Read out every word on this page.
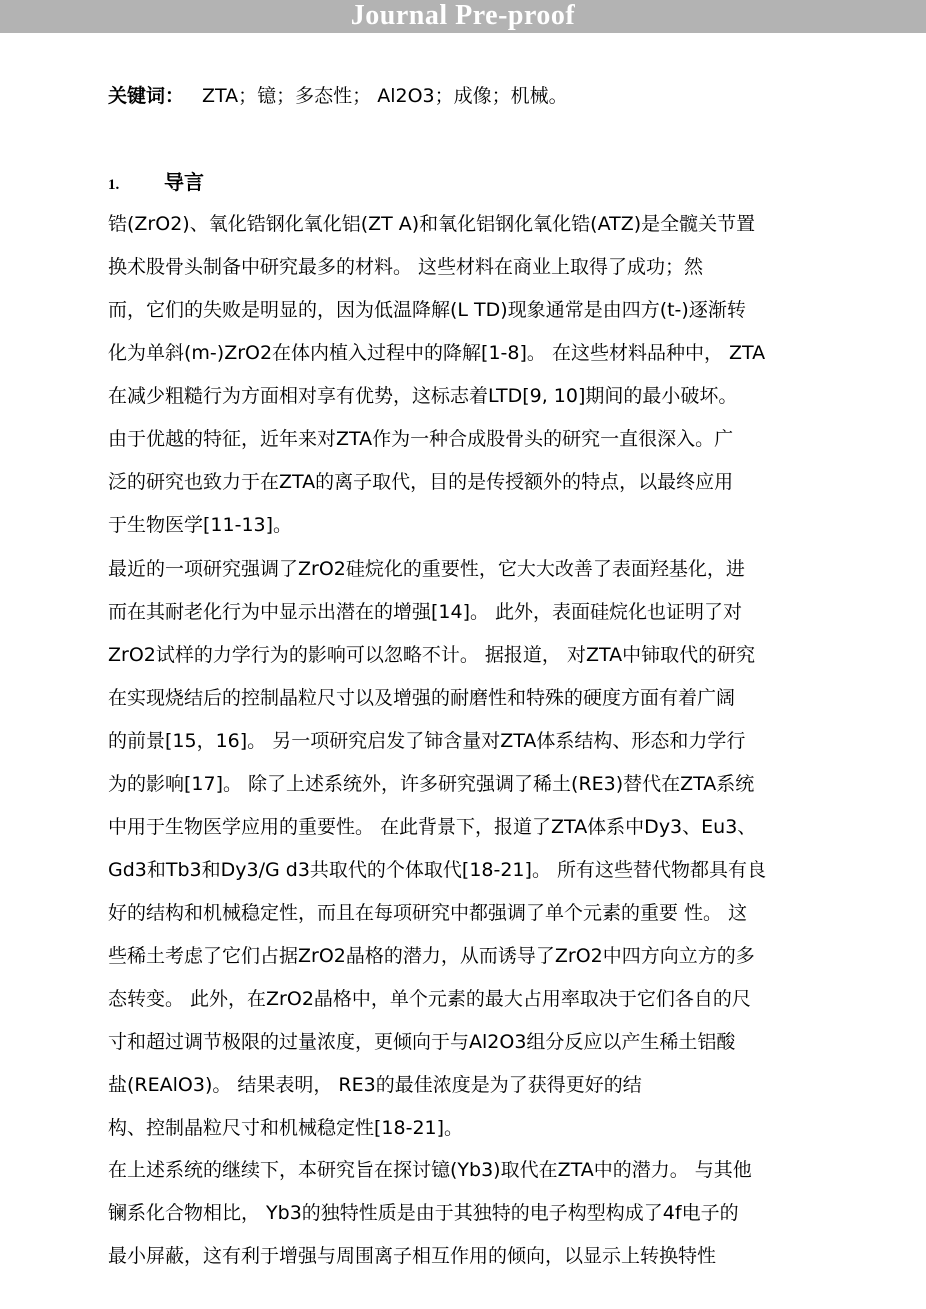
Journal Pre-proof
关键词： ZTA；镱；多态性； Al2O3；成像；机械。
1. 导言
锆(ZrO2)、氧化锆钢化氧化铝(ZT A)和氧化铝钢化氧化锆(ATZ)是全髋关节置
换术股骨头制备中研究最多的材料。 这些材料在商业上取得了成功；然
而，它们的失败是明显的，因为低温降解(L TD)现象通常是由四方(t-)逐渐转
化为单斜(m-)ZrO2在体内植入过程中的降解[1-8]。 在这些材料品种中， ZTA
在减少粗糙行为方面相对享有优势，这标志着LTD[9, 10]期间的最小破坏。
由于优越的特征，近年来对ZTA作为一种合成股骨头的研究一直很深入。广
泛的研究也致力于在ZTA的离子取代，目的是传授额外的特点，以最终应用
于生物医学[11-13]。
最近的一项研究强调了ZrO2硅烷化的重要性，它大大改善了表面羟基化，进
而在其耐老化行为中显示出潜在的增强[14]。 此外，表面硅烷化也证明了对
ZrO2试样的力学行为的影响可以忽略不计。 据报道， 对ZTA中铈取代的研究
在实现烧结后的控制晶粒尺寸以及增强的耐磨性和特殊的硬度方面有着广阔
的前景[15，16]。 另一项研究启发了铈含量对ZTA体系结构、形态和力学行
为的影响[17]。 除了上述系统外，许多研究强调了稀土(RE3)替代在ZTA系统
中用于生物医学应用的重要性。 在此背景下，报道了ZTA体系中Dy3、Eu3、
Gd3和Tb3和Dy3/G d3共取代的个体取代[18-21]。 所有这些替代物都具有良
好的结构和机械稳定性，而且在每项研究中都强调了单个元素的重要 性。 这
些稀土考虑了它们占据ZrO2晶格的潜力，从而诱导了ZrO2中四方向立方的多
态转变。 此外，在ZrO2晶格中，单个元素的最大占用率取决于它们各自的尺
寸和超过调节极限的过量浓度，更倾向于与Al2O3组分反应以产生稀土铝酸
盐(REAlO3)。 结果表明， RE3的最佳浓度是为了获得更好的结
构、控制晶粒尺寸和机械稳定性[18-21]。
在上述系统的继续下，本研究旨在探讨镱(Yb3)取代在ZTA中的潜力。 与其他
镧系化合物相比， Yb3的独特性质是由于其独特的电子构型构成了4f电子的
最小屏蔽，这有利于增强与周围离子相互作用的倾向，以显示上转换特性
